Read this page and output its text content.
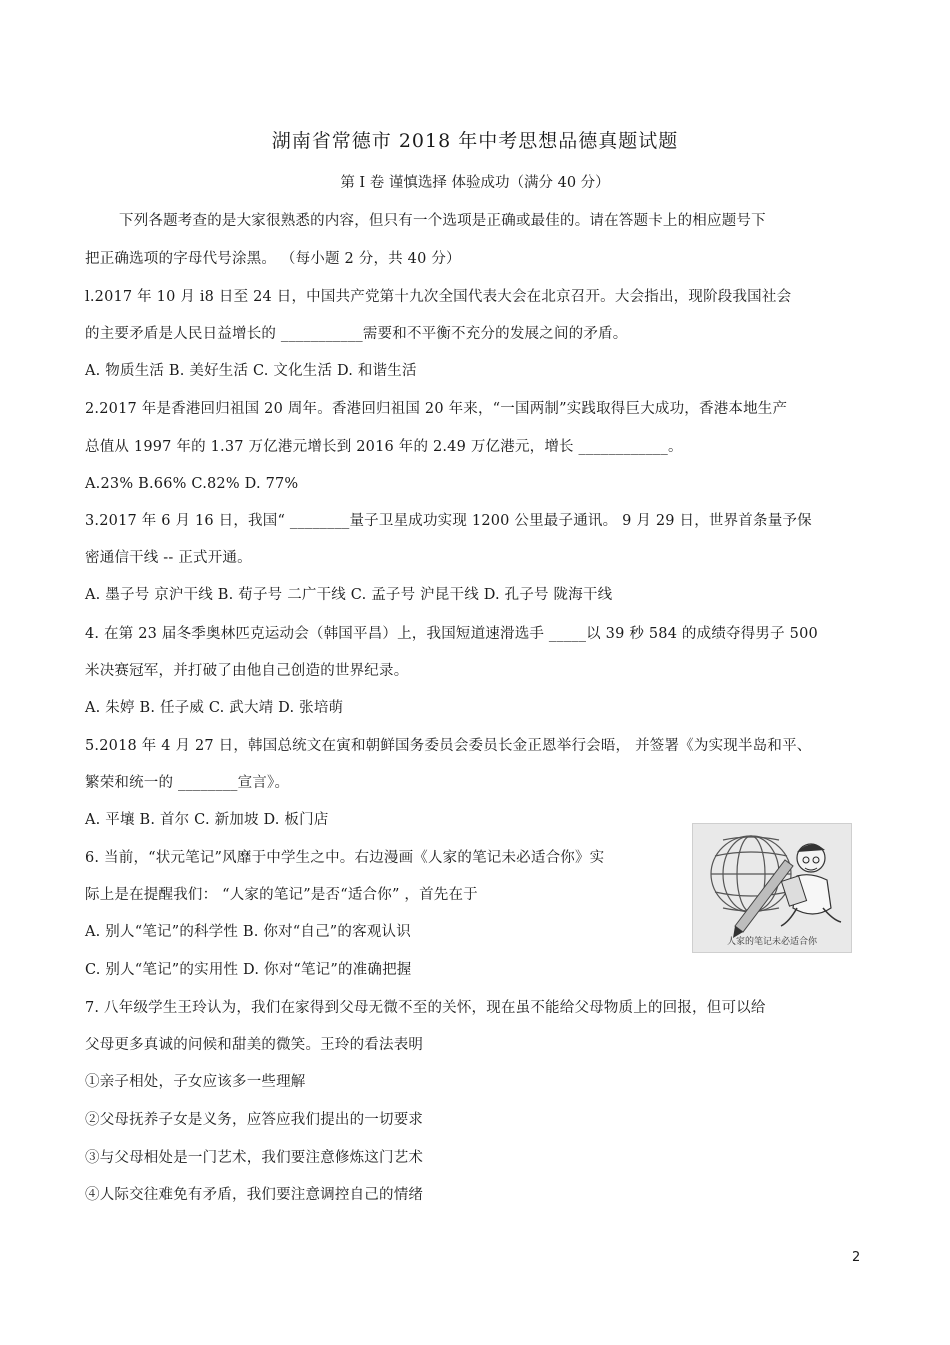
湖南省常德市 2018 年中考思想品德真题试题
第 I 卷 谨慎选择 体验成功（满分 40 分）
下列各题考查的是大家很熟悉的内容，但只有一个选项是正确或最佳的。请在答题卡上的相应题号下
把正确选项的字母代号涂黑。 （每小题 2 分，共 40 分）
l.2017 年 10 月 i8 日至 24 日，中国共产党第十九次全国代表大会在北京召开。大会指出，现阶段我国社会
的主要矛盾是人民日益增长的 ___________需要和不平衡不充分的发展之间的矛盾。
A. 物质生活 B. 美好生活 C. 文化生活 D. 和谐生活
2.2017 年是香港回归祖国 20 周年。香港回归祖国 20 年来，“一国两制”实践取得巨大成功，香港本地生产
总值从 1997 年的 1.37 万亿港元增长到 2016 年的 2.49 万亿港元，增长 ____________。
A.23% B.66% C.82% D. 77%
3.2017 年 6 月 16 日，我国“ ________量子卫星成功实现 1200 公里最子通讯。 9 月 29 日，世界首条量予保
密通信干线 -- 正式开通。
A. 墨子号 京沪干线 B. 荀子号 二广干线 C. 孟子号 沪昆干线 D. 孔子号 陇海干线
4. 在第 23 届冬季奥林匹克运动会（韩国平昌）上，我国短道速滑选手 _____以 39 秒 584 的成绩夺得男子 500
米决赛冠军，并打破了由他自己创造的世界纪录。
A. 朱婷 B. 任子威 C. 武大靖 D. 张培萌
5.2018 年 4 月 27 日，韩国总统文在寅和朝鲜国务委员会委员长金正恩举行会晤， 并签署《为实现半岛和平、
繁荣和统一的 ________宣言》。
A. 平壤 B. 首尔 C. 新加坡 D. 板门店
6. 当前，“状元笔记”风靡于中学生之中。右边漫画《人家的笔记未必适合你》实
际上是在提醒我们： “人家的笔记”是否“适合你” ，首先在于
A. 别人“笔记”的科学性 B. 你对“自己”的客观认识
C. 别人“笔记”的实用性 D. 你对“笔记”的准确把握
人家的笔记未必适合你
7. 八年级学生王玲认为，我们在家得到父母无微不至的关怀，现在虽不能给父母物质上的回报，但可以给
父母更多真诚的问候和甜美的微笑。王玲的看法表明
①亲子相处，子女应该多一些理解
②父母抚养子女是义务，应答应我们提出的一切要求
③与父母相处是一门艺术，我们要注意修炼这门艺术
④人际交往难免有矛盾，我们要注意调控自己的情绪
2
